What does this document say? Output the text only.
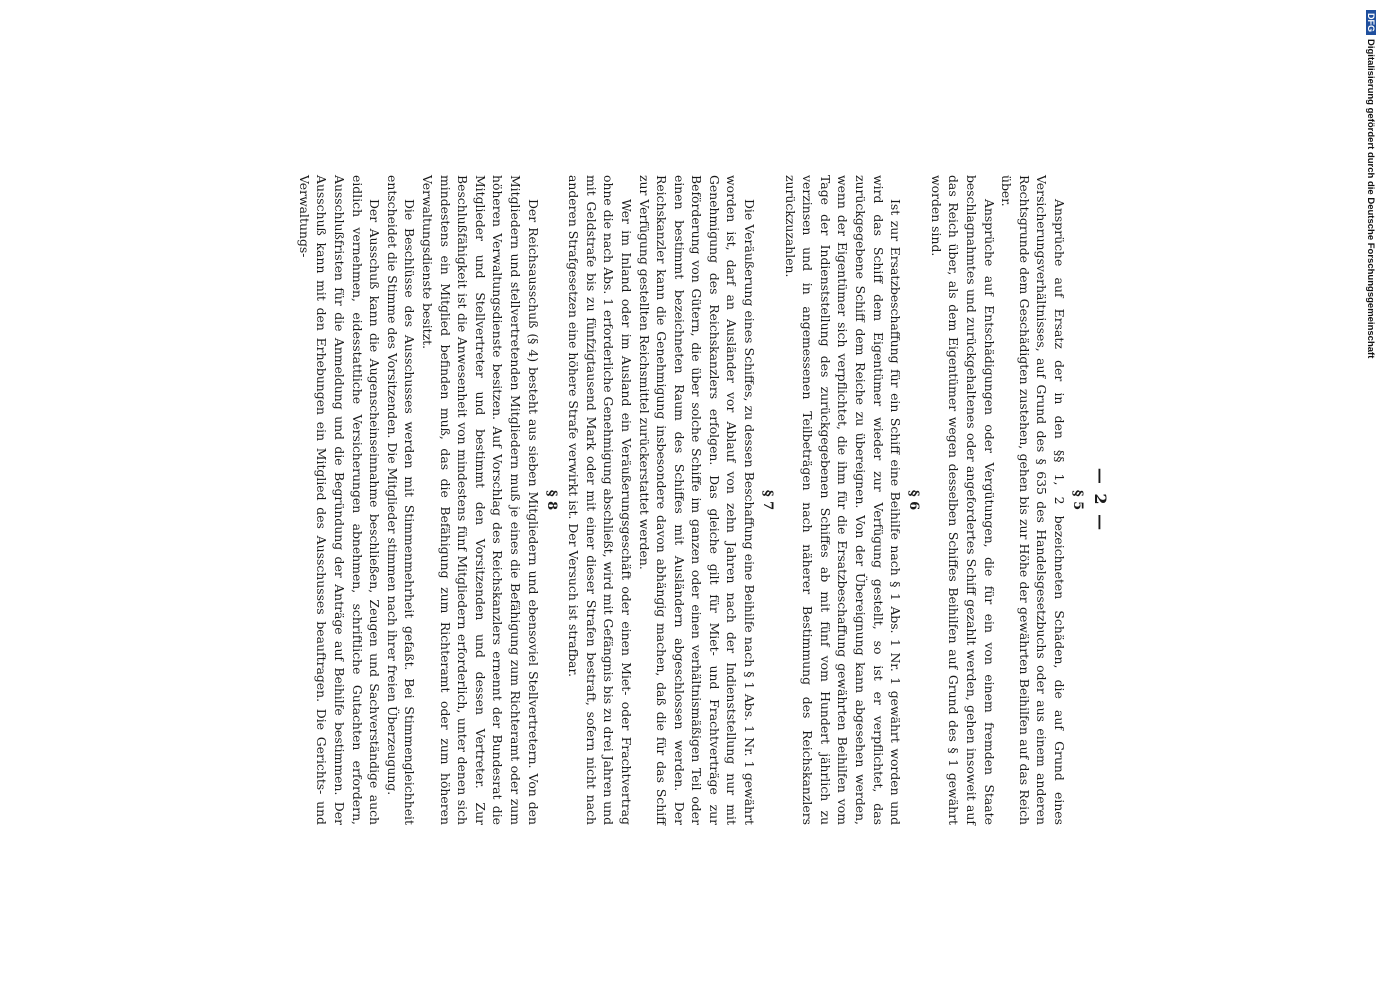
— 2 —
§ 5

Ansprüche auf Ersatz der in den §§ 1, 2 bezeichneten Schäden, die auf Grund eines Versicherungsverhältnisses, auf Grund des § 635 des Handelsgesetzbuchs oder aus einem anderen Rechtsgrunde dem Geschädigten zustehen, gehen bis zur Höhe der gewährten Beihilfen auf das Reich über.

Ansprüche auf Entschädigungen oder Vergütungen, die für ein von einem fremden Staate beschlagnahmtes und zurückgehaltenes oder angefordertes Schiff gezahlt werden, gehen insoweit auf das Reich über, als dem Eigentümer wegen desselben Schiffes Beihilfen auf Grund des § 1 gewährt worden sind.

§ 6

Ist zur Ersatzbeschaffung für ein Schiff eine Beihilfe nach § 1 Abs. 1 Nr. 1 gewährt worden und wird das Schiff dem Eigentümer wieder zur Verfügung gestellt, so ist er verpflichtet, das zurückgegebene Schiff dem Reiche zu übereignen. Von der Übereignung kann abgesehen werden, wenn der Eigentümer sich verpflichtet, die ihm für die Ersatzbeschaffung gewährten Beihilfen vom Tage der Indienststellung des zurückgegebenen Schiffes ab mit fünf vom Hundert jährlich zu verzinsen und in angemessenen Teilbeträgen nach näherer Bestimmung des Reichskanzlers zurückzuzahlen.

§ 7

Die Veräußerung eines Schiffes, zu dessen Beschaffung eine Beihilfe nach § 1 Abs. 1 Nr. 1 gewährt worden ist, darf an Ausländer vor Ablauf von zehn Jahren nach der Indienststellung nur mit Genehmigung des Reichskanzlers erfolgen. Das gleiche gilt für Miet- und Frachtverträge zur Beförderung von Gütern, die über solche Schiffe im ganzen oder einen verhältnismäßigen Teil oder einen bestimmt bezeichneten Raum des Schiffes mit Ausländern abgeschlossen werden. Der Reichskanzler kann die Genehmigung insbesondere davon abhängig machen, daß die für das Schiff zur Verfügung gestellten Reichsmittel zurückerstattet werden.

Wer im Inland oder im Ausland ein Veräußerungsgeschäft oder einen Miet- oder Frachtvertrag ohne die nach Abs. 1 erforderliche Genehmigung abschließt, wird mit Gefängnis bis zu drei Jahren und mit Geldstrafe bis zu fünfzigtausend Mark oder mit einer dieser Strafen bestraft, sofern nicht nach anderen Strafgesetzen eine höhere Strafe verwirkt ist. Der Versuch ist strafbar.

§ 8

Der Reichsausschuß (§ 4) besteht aus sieben Mitgliedern und ebensoviel Stellvertretern. Von den Mitgliedern und stellvertretenden Mitgliedern muß je eines die Befähigung zum Richteramt oder zum höheren Verwaltungsdienste besitzen. Auf Vorschlag des Reichskanzlers ernennt der Bundesrat die Mitglieder und Stellvertreter und bestimmt den Vorsitzenden und dessen Vertreter. Zur Beschlußfähigkeit ist die Anwesenheit von mindestens fünf Mitgliedern erforderlich, unter denen sich mindestens ein Mitglied befinden muß, das die Befähigung zum Richteramt oder zum höheren Verwaltungsdienste besitzt.

Die Beschlüsse des Ausschusses werden mit Stimmenmehrheit gefaßt. Bei Stimmengleichheit entscheidet die Stimme des Vorsitzenden. Die Mitglieder stimmen nach ihrer freien Überzeugung.

Der Ausschuß kann die Augenscheinseinnahme beschließen, Zeugen und Sachverständige auch eidlich vernehmen, eidesstattliche Versicherungen abnehmen, schriftliche Gutachten erfordern, Ausschlußfristen für die Anmeldung und die Begründung der Anträge auf Beihilfe bestimmen. Der Ausschuß kann mit den Erhebungen ein Mitglied des Ausschusses beauftragen. Die Gerichts- und Verwaltungs-

DFGDigitalisierung gefördert durch die Deutsche Forschungsgemeinschaft
